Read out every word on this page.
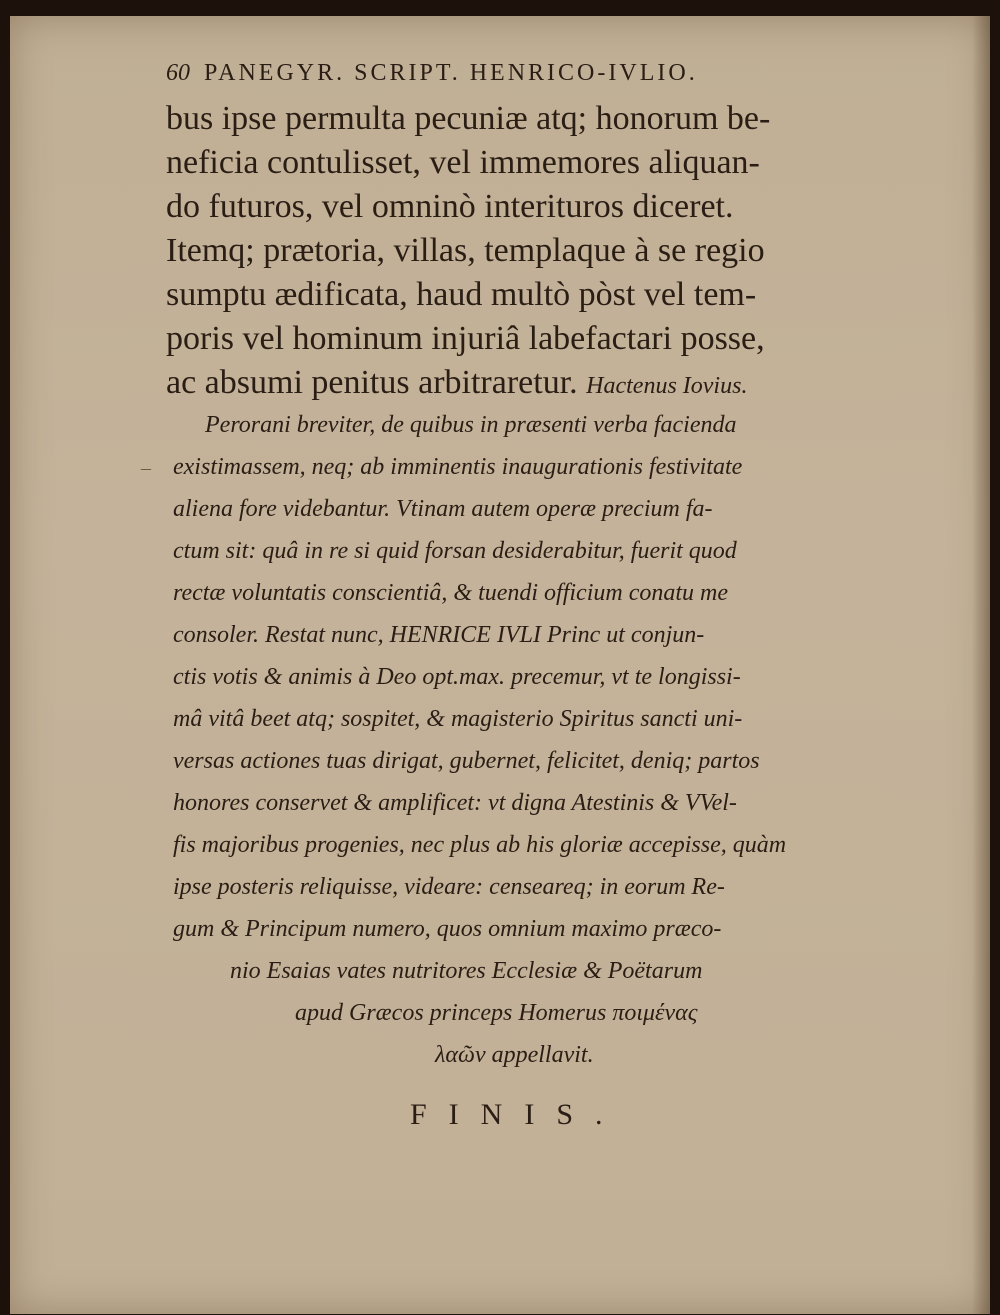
60 PANEGYR. SCRIPT. HENRICO-IVLIO.
bus ipse permulta pecuniæ atq; honorum be-
neficia contulisset, vel immemores aliquan-
do futuros, vel omninò interituros diceret.
Itemq; prætoria, villas, templaque à se regio
sumptu ædificata, haud multò pòst vel tem-
poris vel hominum injuriâ labefactari posse,
ac absumi penitus arbitraretur. Hactenus Iovius.
Perorani breviter, de quibus in præsenti verba facienda
– existimassem, neq; ab imminentis inaugurationis festivitate
aliena fore videbantur. Vtinam autem operæ precium fa-
ctum sit: quâ in re si quid forsan desiderabitur, fuerit quod
rectæ voluntatis conscientiâ, & tuendi officium conatu me
consoler. Restat nunc, HENRICE IVLI Princ ut conjun-
ctis votis & animis à Deo opt.max. precemur, vt te longissi-
mâ vitâ beet atq; sospitet, & magisterio Spiritus sancti uni-
versas actiones tuas dirigat, gubernet, felicitet, deniq; partos
honores conservet & amplificet: vt digna Atestinis & VVel-
fis majoribus progenies, nec plus ab his gloriæ accepisse, quàm
ipse posteris reliquisse, videare: censeareq; in eorum Re-
gum & Principum numero, quos omnium maximo præco-
nio Esaias vates nutritores Ecclesiæ & Poëtarum
apud Græcos princeps Homerus ποιμένας
λαῶν appellavit.
FINIS.
